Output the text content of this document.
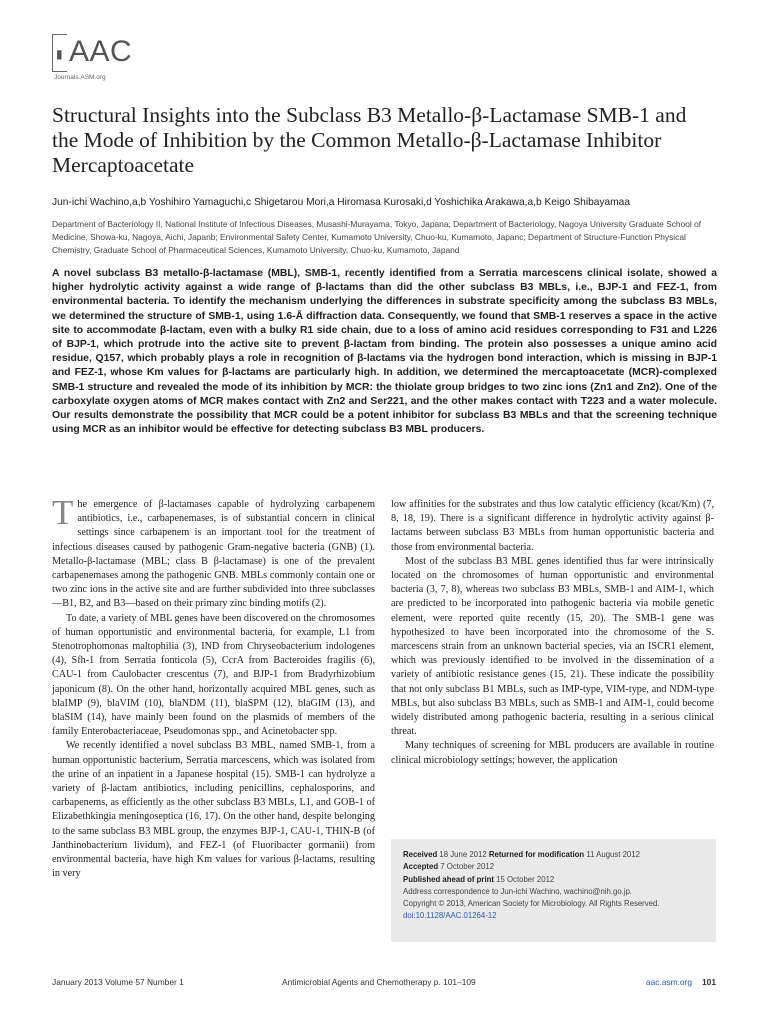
▮ AAC
Journals.ASM.org
Structural Insights into the Subclass B3 Metallo-β-Lactamase SMB-1 and the Mode of Inhibition by the Common Metallo-β-Lactamase Inhibitor Mercaptoacetate
Jun-ichi Wachino,a,b Yoshihiro Yamaguchi,c Shigetarou Mori,a Hiromasa Kurosaki,d Yoshichika Arakawa,a,b Keigo Shibayamaa
Department of Bacteriology II, National Institute of Infectious Diseases, Musashi-Murayama, Tokyo, Japana; Department of Bacteriology, Nagoya University Graduate School of Medicine, Showa-ku, Nagoya, Aichi, Japanb; Environmental Safety Center, Kumamoto University, Chuo-ku, Kumamoto, Japanc; Department of Structure-Function Physical Chemistry, Graduate School of Pharmaceutical Sciences, Kumamoto University, Chuo-ku, Kumamoto, Japand
A novel subclass B3 metallo-β-lactamase (MBL), SMB-1, recently identified from a Serratia marcescens clinical isolate, showed a higher hydrolytic activity against a wide range of β-lactams than did the other subclass B3 MBLs, i.e., BJP-1 and FEZ-1, from environmental bacteria. To identify the mechanism underlying the differences in substrate specificity among the subclass B3 MBLs, we determined the structure of SMB-1, using 1.6-Å diffraction data. Consequently, we found that SMB-1 reserves a space in the active site to accommodate β-lactam, even with a bulky R1 side chain, due to a loss of amino acid residues corresponding to F31 and L226 of BJP-1, which protrude into the active site to prevent β-lactam from binding. The protein also possesses a unique amino acid residue, Q157, which probably plays a role in recognition of β-lactams via the hydrogen bond interaction, which is missing in BJP-1 and FEZ-1, whose Km values for β-lactams are particularly high. In addition, we determined the mercaptoacetate (MCR)-complexed SMB-1 structure and revealed the mode of its inhibition by MCR: the thiolate group bridges to two zinc ions (Zn1 and Zn2). One of the carboxylate oxygen atoms of MCR makes contact with Zn2 and Ser221, and the other makes contact with T223 and a water molecule. Our results demonstrate the possibility that MCR could be a potent inhibitor for subclass B3 MBLs and that the screening technique using MCR as an inhibitor would be effective for detecting subclass B3 MBL producers.

The emergence of β-lactamases capable of hydrolyzing carbapenem antibiotics, i.e., carbapenemases, is of substantial concern in clinical settings since carbapenem is an important tool for the treatment of infectious diseases caused by pathogenic Gram-negative bacteria (GNB) (1). Metallo-β-lactamase (MBL; class B β-lactamase) is one of the prevalent carbapenemases among the pathogenic GNB. MBLs commonly contain one or two zinc ions in the active site and are further subdivided into three subclasses—B1, B2, and B3—based on their primary zinc binding motifs (2).

To date, a variety of MBL genes have been discovered on the chromosomes of human opportunistic and environmental bacteria, for example, L1 from Stenotrophomonas maltophilia (3), IND from Chryseobacterium indologenes (4), Sfh-1 from Serratia fonticola (5), CcrA from Bacteroides fragilis (6), CAU-1 from Caulobacter crescentus (7), and BJP-1 from Bradyrhizobium japonicum (8). On the other hand, horizontally acquired MBL genes, such as blaIMP (9), blaVIM (10), blaNDM (11), blaSPM (12), blaGIM (13), and blaSIM (14), have mainly been found on the plasmids of members of the family Enterobacteriaceae, Pseudomonas spp., and Acinetobacter spp.

We recently identified a novel subclass B3 MBL, named SMB-1, from a human opportunistic bacterium, Serratia marcescens, which was isolated from the urine of an inpatient in a Japanese hospital (15). SMB-1 can hydrolyze a variety of β-lactam antibiotics, including penicillins, cephalosporins, and carbapenems, as efficiently as the other subclass B3 MBLs, L1, and GOB-1 of Elizabethkingia meningoseptica (16, 17). On the other hand, despite belonging to the same subclass B3 MBL group, the enzymes BJP-1, CAU-1, THIN-B (of Janthinobacterium lividum), and FEZ-1 (of Fluoribacter gormanii) from environmental bacteria, have high Km values for various β-lactams, resulting in very

low affinities for the substrates and thus low catalytic efficiency (kcat/Km) (7, 8, 18, 19). There is a significant difference in hydrolytic activity against β-lactams between subclass B3 MBLs from human opportunistic bacteria and those from environmental bacteria.

Most of the subclass B3 MBL genes identified thus far were intrinsically located on the chromosomes of human opportunistic and environmental bacteria (3, 7, 8), whereas two subclass B3 MBLs, SMB-1 and AIM-1, which are predicted to be incorporated into pathogenic bacteria via mobile genetic element, were reported quite recently (15, 20). The SMB-1 gene was hypothesized to have been incorporated into the chromosome of the S. marcescens strain from an unknown bacterial species, via an ISCR1 element, which was previously identified to be involved in the dissemination of a variety of antibiotic resistance genes (15, 21). These indicate the possibility that not only subclass B1 MBLs, such as IMP-type, VIM-type, and NDM-type MBLs, but also subclass B3 MBLs, such as SMB-1 and AIM-1, could become widely distributed among pathogenic bacteria, resulting in a serious clinical threat.

Many techniques of screening for MBL producers are available in routine clinical microbiology settings; however, the application

Received 18 June 2012 Returned for modification 11 August 2012
Accepted 7 October 2012
Published ahead of print 15 October 2012
Address correspondence to Jun-ichi Wachino, wachino@nih.go.jp.
Copyright © 2013, American Society for Microbiology. All Rights Reserved.
doi:10.1128/AAC.01264-12
January 2013 Volume 57 Number 1	Antimicrobial Agents and Chemotherapy p. 101–109	aac.asm.org 101
